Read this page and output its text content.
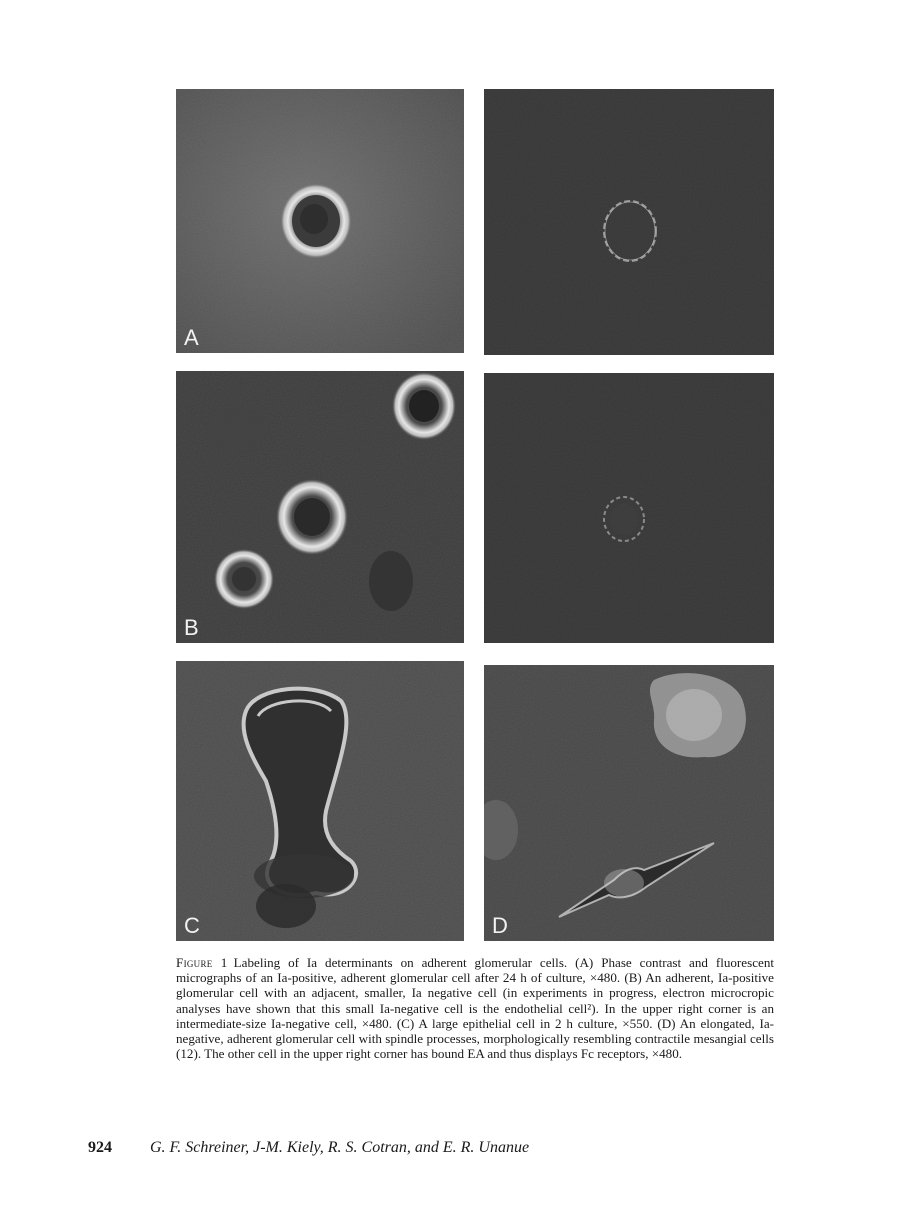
A
B
C	D
Figure 1 Labeling of Ia determinants on adherent glomerular cells. (A) Phase contrast and fluorescent micrographs of an Ia-positive, adherent glomerular cell after 24 h of culture, ×480. (B) An adherent, Ia-positive glomerular cell with an adjacent, smaller, Ia negative cell (in experiments in progress, electron microcropic analyses have shown that this small Ia-negative cell is the endothelial cell²). In the upper right corner is an intermediate-size Ia-negative cell, ×480. (C) A large epithelial cell in 2 h culture, ×550. (D) An elongated, Ia-negative, adherent glomerular cell with spindle processes, morphologically resembling contractile mesangial cells (12). The other cell in the upper right corner has bound EA and thus displays Fc receptors, ×480.
924 G. F. Schreiner, J-M. Kiely, R. S. Cotran, and E. R. Unanue
